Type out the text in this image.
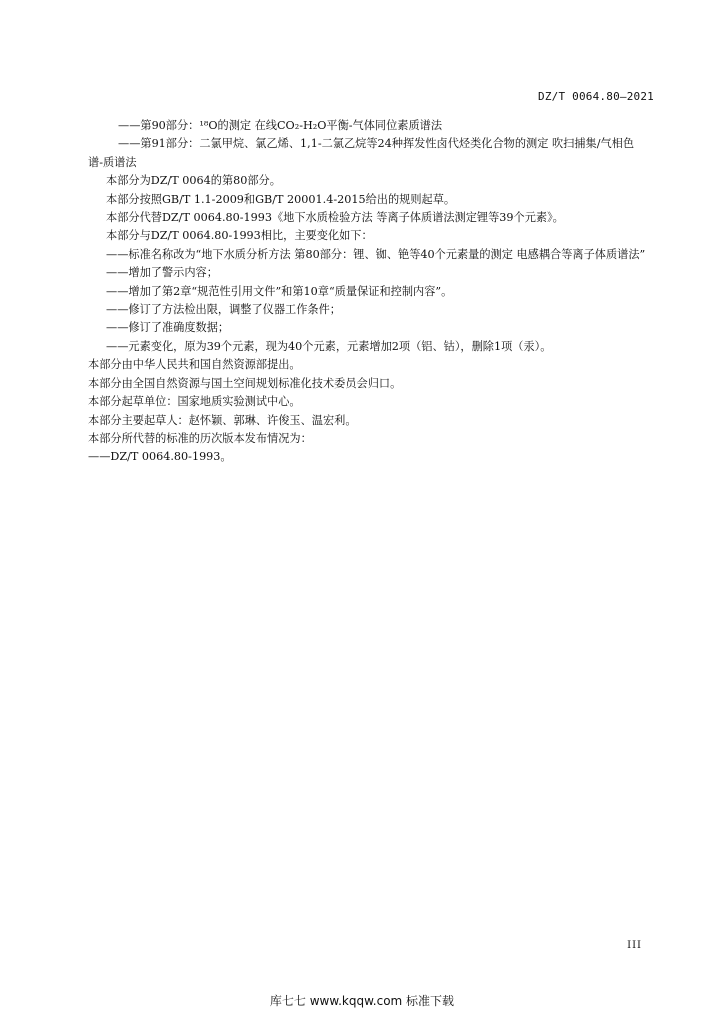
DZ/T 0064.80—2021

——第90部分：¹⁸O的测定 在线CO₂-H₂O平衡-气体同位素质谱法

——第91部分：二氯甲烷、氯乙烯、1,1-二氯乙烷等24种挥发性卤代烃类化合物的测定 吹扫捕集/气相色谱-质谱法

本部分为DZ/T 0064的第80部分。

本部分按照GB/T 1.1-2009和GB/T 20001.4-2015给出的规则起草。

本部分代替DZ/T 0064.80-1993《地下水质检验方法 等离子体质谱法测定锂等39个元素》。

本部分与DZ/T 0064.80-1993相比，主要变化如下：

——标准名称改为“地下水质分析方法 第80部分：锂、铷、铯等40个元素量的测定 电感耦合等离子体质谱法”

——增加了警示内容；

——增加了第2章“规范性引用文件”和第10章“质量保证和控制内容”。

——修订了方法检出限，调整了仪器工作条件；

——修订了准确度数据；

——元素变化，原为39个元素，现为40个元素，元素增加2项（铝、钴），删除1项（汞）。

本部分由中华人民共和国自然资源部提出。

本部分由全国自然资源与国土空间规划标准化技术委员会归口。

本部分起草单位：国家地质实验测试中心。

本部分主要起草人：赵怀颖、郭琳、许俊玉、温宏利。

本部分所代替的标准的历次版本发布情况为：

——DZ/T 0064.80-1993。

III
库七七 www.kqqw.com 标准下载
